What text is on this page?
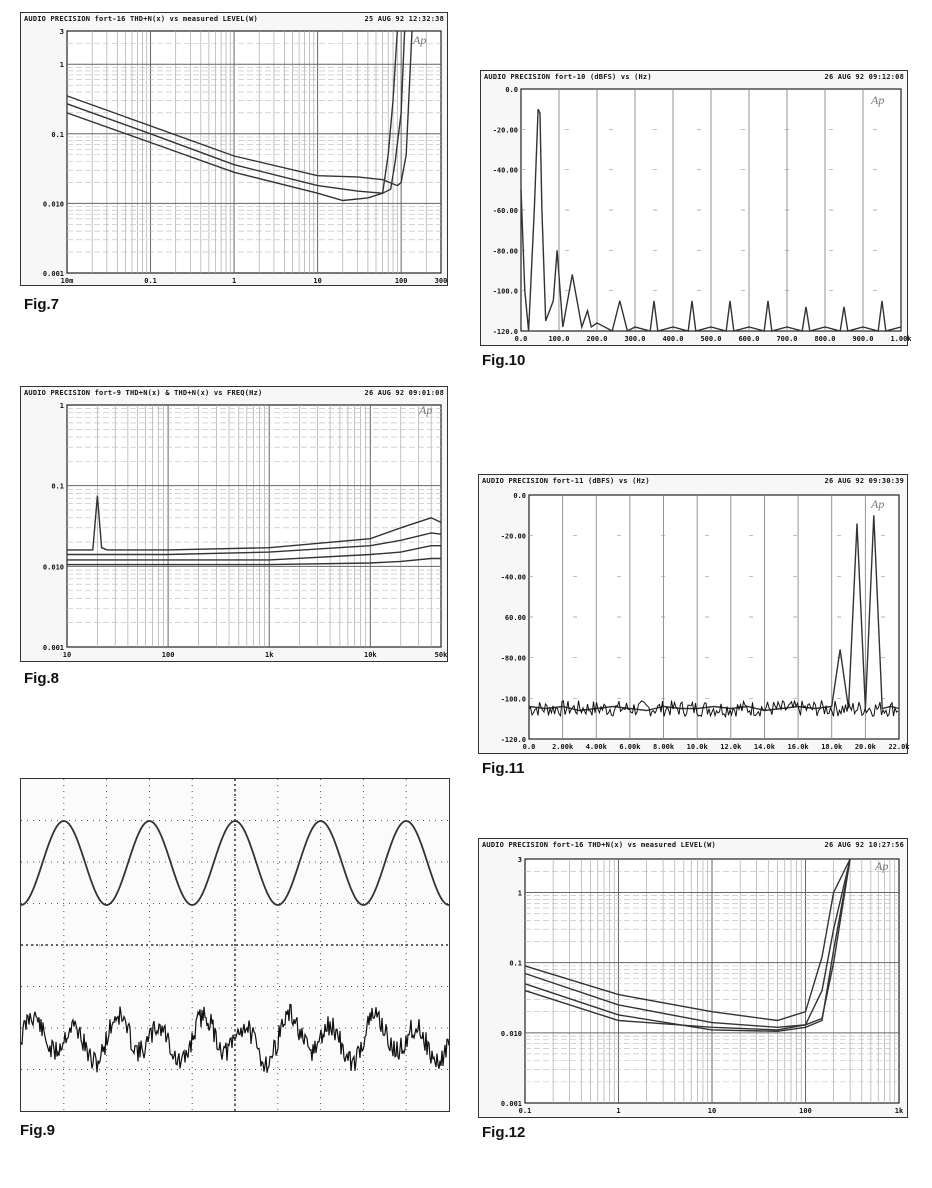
AUDIO PRECISION fort-16 THD+N(x) vs measured LEVEL(W)	25 AUG 92 12:32:38
3
1
0.1
0.010
0.001
10m	0.1	1	10	100	300
Ap
Fig.7
AUDIO PRECISION fort-10 (dBFS) vs (Hz)	26 AUG 92 09:12:08
0.0
-20.00
-40.00
-60.00
-80.00
-100.0
-120.0
0.0	100.0 200.0 300.0 400.0 500.0 600.0 700.0 800.0 900.0 1.00k
Ap
Fig.10
AUDIO PRECISION fort-9 THD+N(x) & THD+N(x) vs FREQ(Hz)	26 AUG 92 09:01:08
1
0.1
0.010
0.001
10	100	1k	10k	50k
Ap
Fig.8
AUDIO PRECISION fort-11 (dBFS) vs (Hz)	26 AUG 92 09:30:39
0.0
-20.00
-40.00
60.00
-80.00
-100.0
-120.0
0.0 2.00k 4.00k 6.00k 8.00k 10.0k 12.0k 14.0k 16.0k 18.0k 20.0k 22.0k
Ap
Fig.11
Fig.9
AUDIO PRECISION fort-16 THD+N(x) vs measured LEVEL(W)	26 AUG 92 10:27:56
3
1
0.1
0.010
0.001
0.1	1	10	100	1k
Ap
Fig.12
